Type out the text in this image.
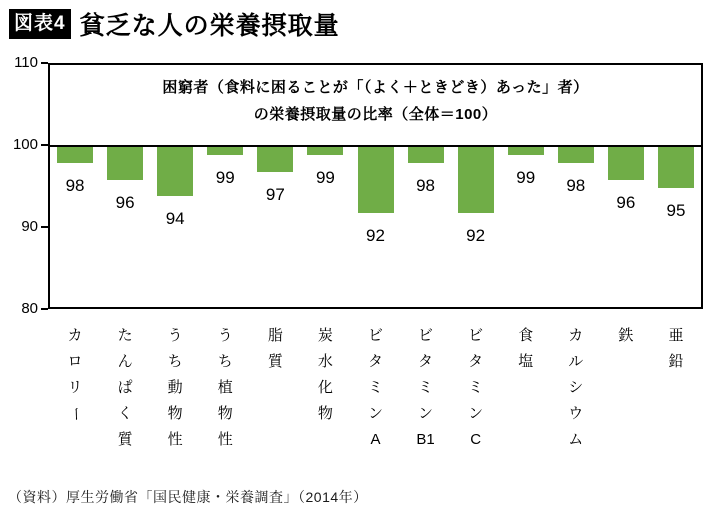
図表4 貧乏な人の栄養摂取量
困窮者（食料に困ることが「（よく＋ときどき）あった」者）
の栄養摂取量の比率（全体＝100）
98
96
94
99
97
99
92
98
92
99	98
96	95
110
100
90
80
カ
ロ
リ
ー
た
ん
ぱ
く
質
う
ち
動
物
性
う
ち
植
物
性
脂
質
炭
水
化
物
ビ
タ
ミ
ン
A
ビ
タ
ミ
ン
B1
ビ
タ
ミ
ン
C
食
塩
カ
ル
シ
ウ
ム
鉄 亜
鉛
（資料）厚生労働省「国民健康・栄養調査」（2014年）
